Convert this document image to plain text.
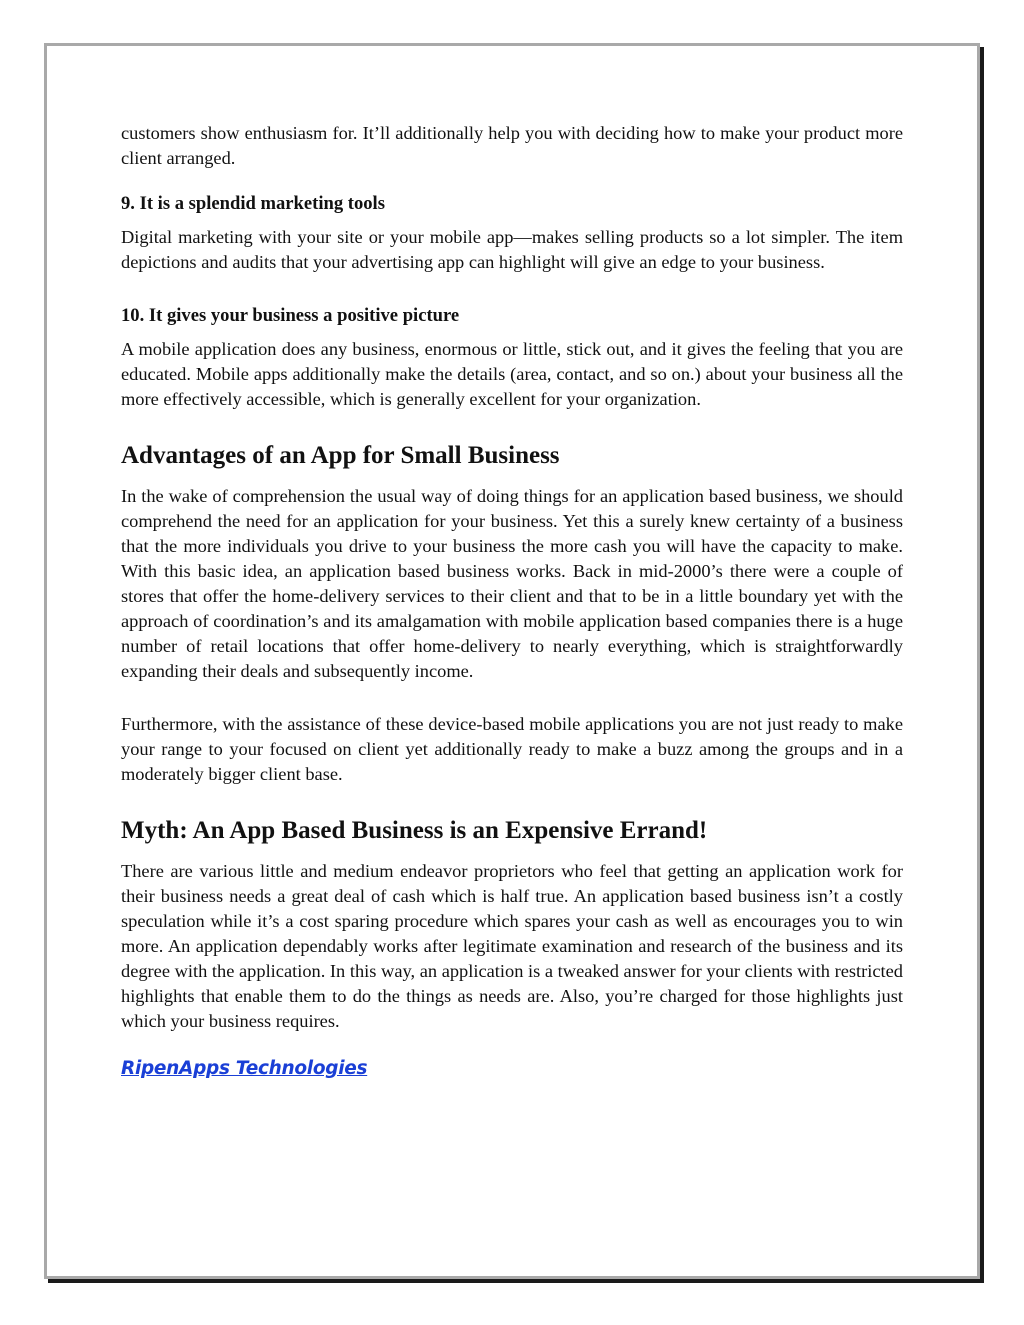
customers show enthusiasm for. It’ll additionally help you with deciding how to make your product more client arranged.

9. It is a splendid marketing tools

Digital marketing with your site or your mobile app—makes selling products so a lot simpler. The item depictions and audits that your advertising app can highlight will give an edge to your business.

10. It gives your business a positive picture

A mobile application does any business, enormous or little, stick out, and it gives the feeling that you are educated. Mobile apps additionally make the details (area, contact, and so on.) about your business all the more effectively accessible, which is generally excellent for your organization.

Advantages of an App for Small Business

In the wake of comprehension the usual way of doing things for an application based business, we should comprehend the need for an application for your business. Yet this a surely knew certainty of a business that the more individuals you drive to your business the more cash you will have the capacity to make. With this basic idea, an application based business works. Back in mid-2000’s there were a couple of stores that offer the home-delivery services to their client and that to be in a little boundary yet with the approach of coordination’s and its amalgamation with mobile application based companies there is a huge number of retail locations that offer home-delivery to nearly everything, which is straightforwardly expanding their deals and subsequently income.

Furthermore, with the assistance of these device-based mobile applications you are not just ready to make your range to your focused on client yet additionally ready to make a buzz among the groups and in a moderately bigger client base.

Myth: An App Based Business is an Expensive Errand!

There are various little and medium endeavor proprietors who feel that getting an application work for their business needs a great deal of cash which is half true. An application based business isn’t a costly speculation while it’s a cost sparing procedure which spares your cash as well as encourages you to win more. An application dependably works after legitimate examination and research of the business and its degree with the application. In this way, an application is a tweaked answer for your clients with restricted highlights that enable them to do the things as needs are. Also, you’re charged for those highlights just which your business requires.

RipenApps Technologies
